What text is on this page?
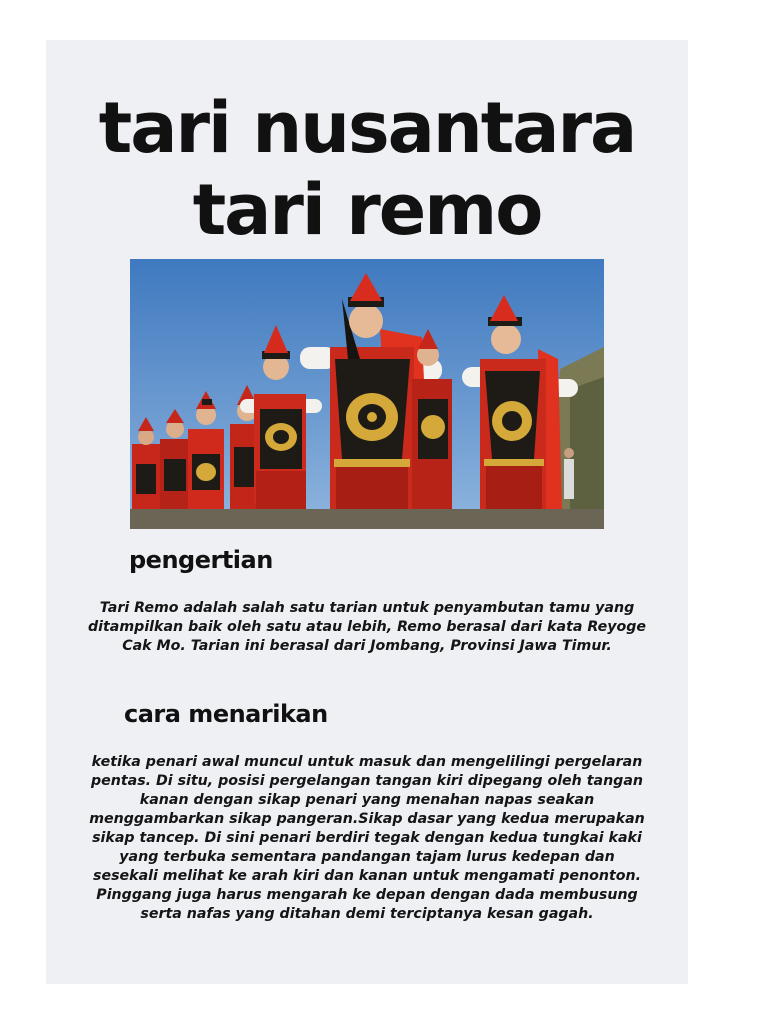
tari nusantara
tari remo
pengertian

Tari Remo adalah salah satu tarian untuk penyambutan tamu yang ditampilkan baik oleh satu atau lebih, Remo berasal dari kata Reyoge Cak Mo. Tarian ini berasal dari Jombang, Provinsi Jawa Timur.

cara menarikan

ketika penari awal muncul untuk masuk dan mengelilingi pergelaran pentas. Di situ, posisi pergelangan tangan kiri dipegang oleh tangan kanan dengan sikap penari yang menahan napas seakan menggambarkan sikap pangeran.Sikap dasar yang kedua merupakan sikap tancep. Di sini penari berdiri tegak dengan kedua tungkai kaki yang terbuka sementara pandangan tajam lurus kedepan dan sesekali melihat ke arah kiri dan kanan untuk mengamati penonton. Pinggang juga harus mengarah ke depan dengan dada membusung serta nafas yang ditahan demi terciptanya kesan gagah.
